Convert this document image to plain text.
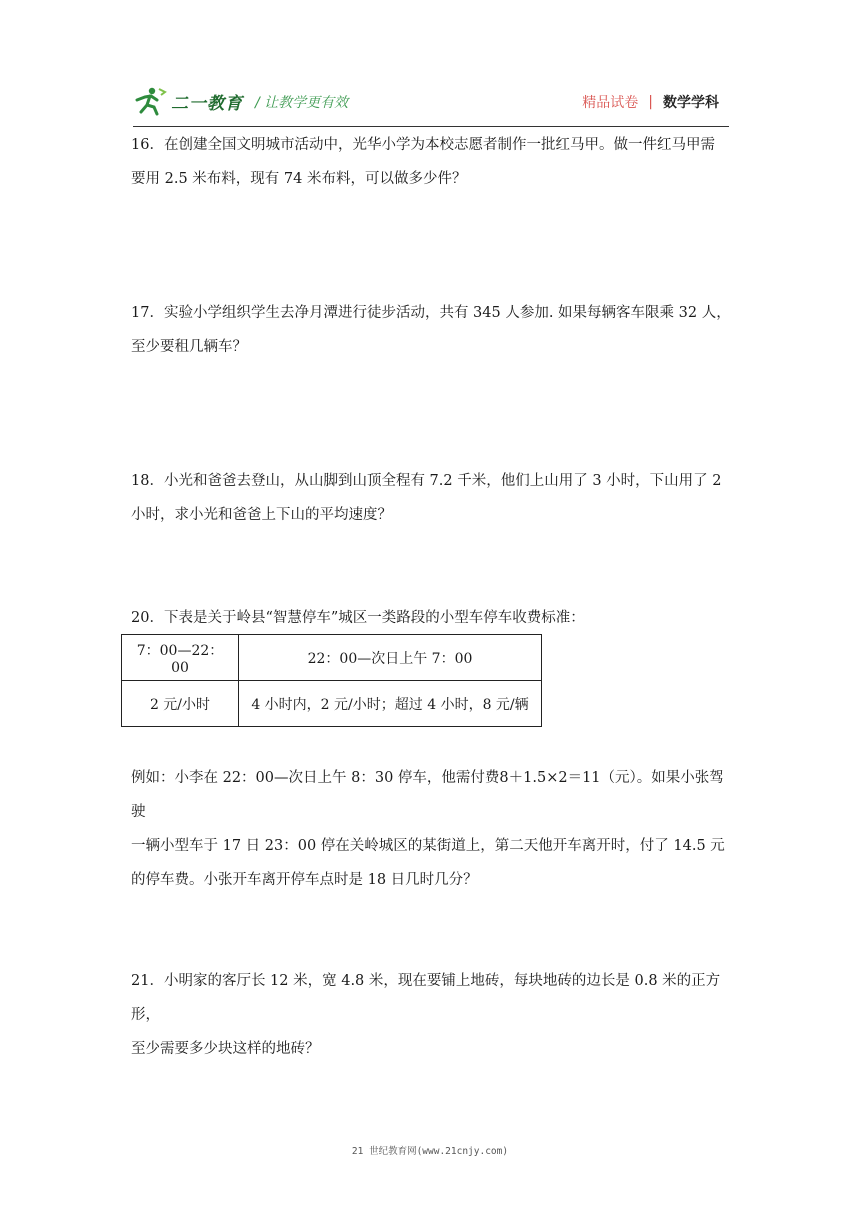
二一教育 / 让教学更有效	精品试卷 | 数学学科

16．在创建全国文明城市活动中，光华小学为本校志愿者制作一批红马甲。做一件红马甲需

要用 2.5 米布料，现有 74 米布料，可以做多少件？

17．实验小学组织学生去净月潭进行徒步活动，共有 345 人参加. 如果每辆客车限乘 32 人，

至少要租几辆车？

18．小光和爸爸去登山，从山脚到山顶全程有 7.2 千米，他们上山用了 3 小时，下山用了 2

小时，求小光和爸爸上下山的平均速度？

20．下表是关于岭县“智慧停车”城区一类路段的小型车停车收费标准：

7：00—22：00	22：00—次日上午 7：00
2 元/小时	4 小时内，2 元/小时；超过 4 小时，8 元/辆

例如：小李在 22：00—次日上午 8：30 停车，他需付费8＋1.5×2＝11（元）。如果小张驾驶

一辆小型车于 17 日 23：00 停在关岭城区的某街道上，第二天他开车离开时，付了 14.5 元

的停车费。小张开车离开停车点时是 18 日几时几分？

21．小明家的客厅长 12 米，宽 4.8 米，现在要铺上地砖，每块地砖的边长是 0.8 米的正方形，

至少需要多少块这样的地砖？

21 世纪教育网(www.21cnjy.com)
